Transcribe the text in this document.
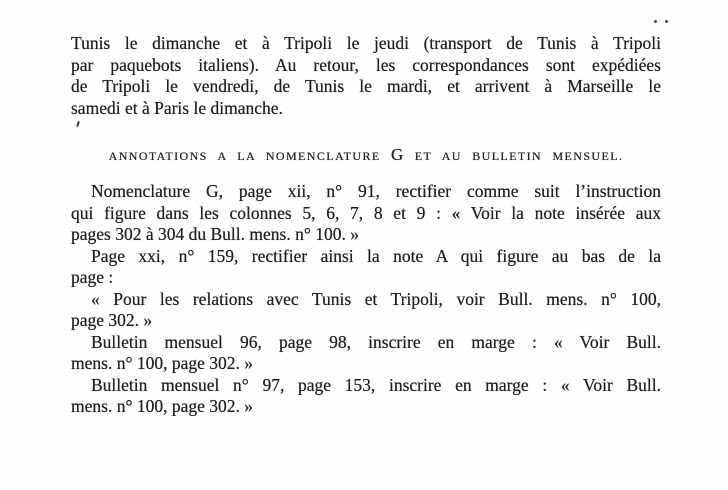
Tunis le dimanche et à Tripoli le jeudi (transport de Tunis à Tripoli
par paquebots italiens). Au retour, les correspondances sont expédiées
de Tripoli le vendredi, de Tunis le mardi, et arrivent à Marseille le
samedi et à Paris le dimanche.
ANNOTATIONS A LA NOMENCLATURE G ET AU BULLETIN MENSUEL.
Nomenclature G, page xii, n° 91, rectifier comme suit l’instruction
qui figure dans les colonnes 5, 6, 7, 8 et 9 : « Voir la note insérée aux
pages 302 à 304 du Bull. mens. n° 100. »
Page xxi, n° 159, rectifier ainsi la note A qui figure au bas de la
page :
« Pour les relations avec Tunis et Tripoli, voir Bull. mens. n° 100,
page 302. »
Bulletin mensuel 96, page 98, inscrire en marge : « Voir Bull.
mens. n° 100, page 302. »
Bulletin mensuel n° 97, page 153, inscrire en marge : « Voir Bull.
mens. n° 100, page 302. »
